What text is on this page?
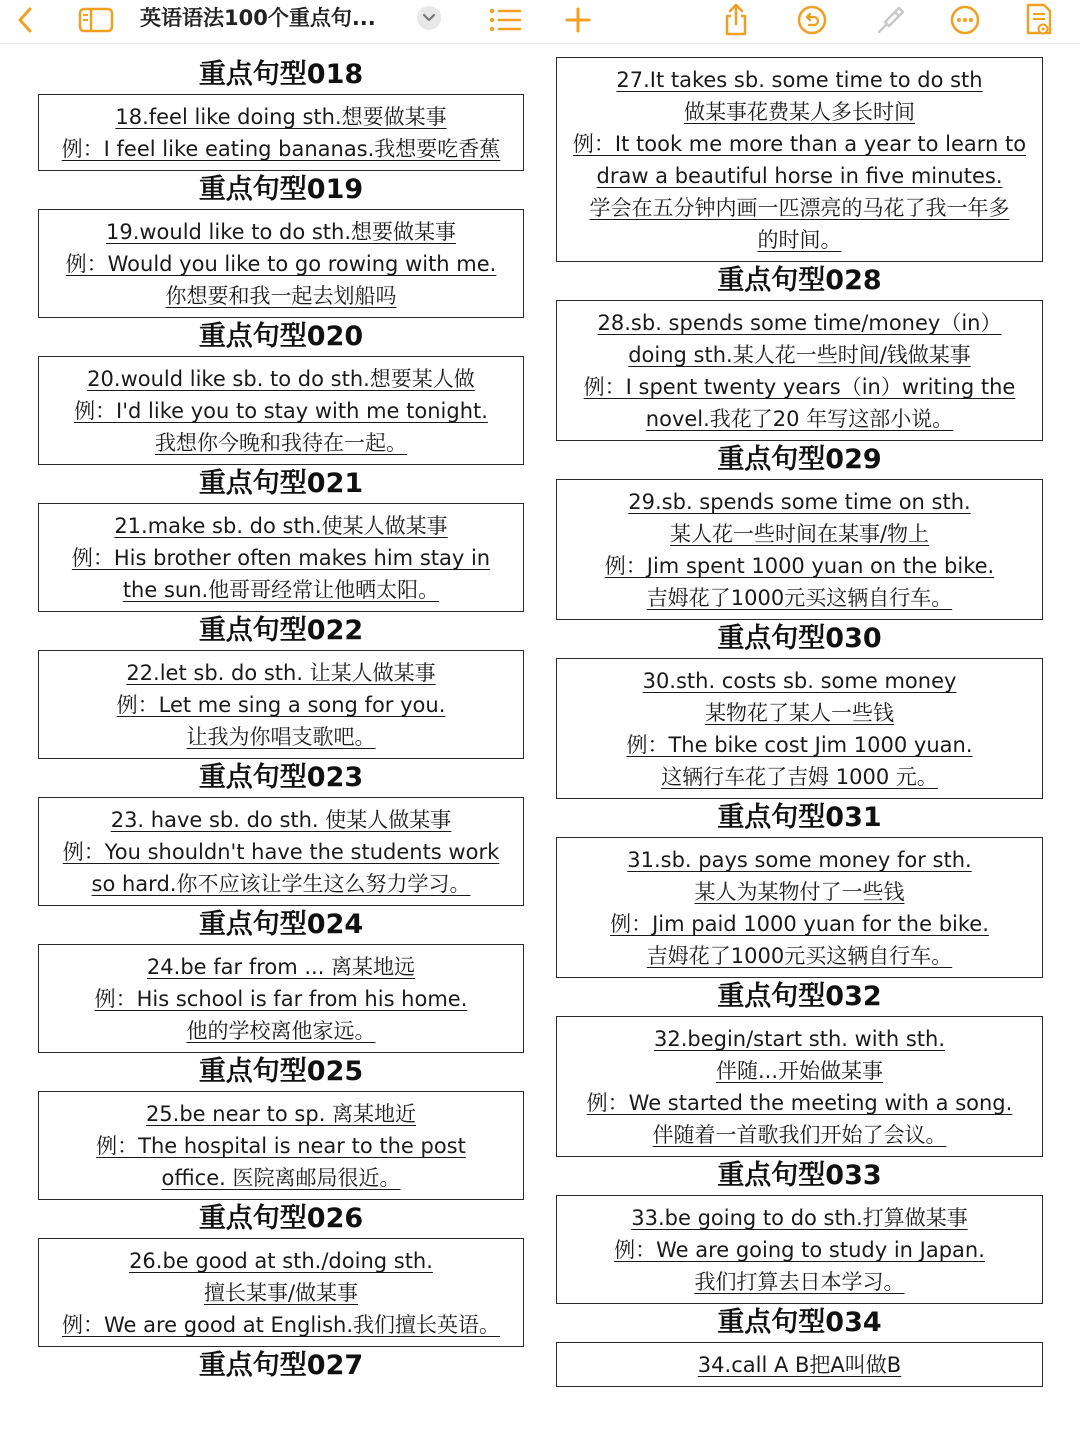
英语语法100个重点句...
重点句型018
18.feel like doing sth.想要做某事
例：I feel like eating bananas.我想要吃香蕉
重点句型019
19.would like to do sth.想要做某事
例：Would you like to go rowing with me.
你想要和我一起去划船吗
重点句型020
20.would like sb. to do sth.想要某人做
例：I'd like you to stay with me tonight.
我想你今晚和我待在一起。
重点句型021
21.make sb. do sth.使某人做某事
例：His brother often makes him stay in
the sun.他哥哥经常让他晒太阳。
重点句型022
22.let sb. do sth. 让某人做某事
例：Let me sing a song for you.
让我为你唱支歌吧。
重点句型023
23. have sb. do sth. 使某人做某事
例：You shouldn't have the students work
so hard.你不应该让学生这么努力学习。
重点句型024
24.be far from ... 离某地远
例：His school is far from his home.
他的学校离他家远。
重点句型025
25.be near to sp. 离某地近
例：The hospital is near to the post
office. 医院离邮局很近。
重点句型026
26.be good at sth./doing sth.
擅长某事/做某事
例：We are good at English.我们擅长英语。
重点句型027
27.It takes sb. some time to do sth
做某事花费某人多长时间
例：It took me more than a year to learn to
draw a beautiful horse in five minutes.
学会在五分钟内画一匹漂亮的马花了我一年多
的时间。
重点句型028
28.sb. spends some time/money（in）
doing sth.某人花一些时间/钱做某事
例：I spent twenty years（in）writing the
novel.我花了20 年写这部小说。
重点句型029
29.sb. spends some time on sth.
某人花一些时间在某事/物上
例：Jim spent 1000 yuan on the bike.
吉姆花了1000元买这辆自行车。
重点句型030
30.sth. costs sb. some money
某物花了某人一些钱
例：The bike cost Jim 1000 yuan.
这辆行车花了吉姆 1000 元。
重点句型031
31.sb. pays some money for sth.
某人为某物付了一些钱
例：Jim paid 1000 yuan for the bike.
吉姆花了1000元买这辆自行车。
重点句型032
32.begin/start sth. with sth.
伴随...开始做某事
例：We started the meeting with a song.
伴随着一首歌我们开始了会议。
重点句型033
33.be going to do sth.打算做某事
例：We are going to study in Japan.
我们打算去日本学习。
重点句型034
34.call A B把A叫做B
